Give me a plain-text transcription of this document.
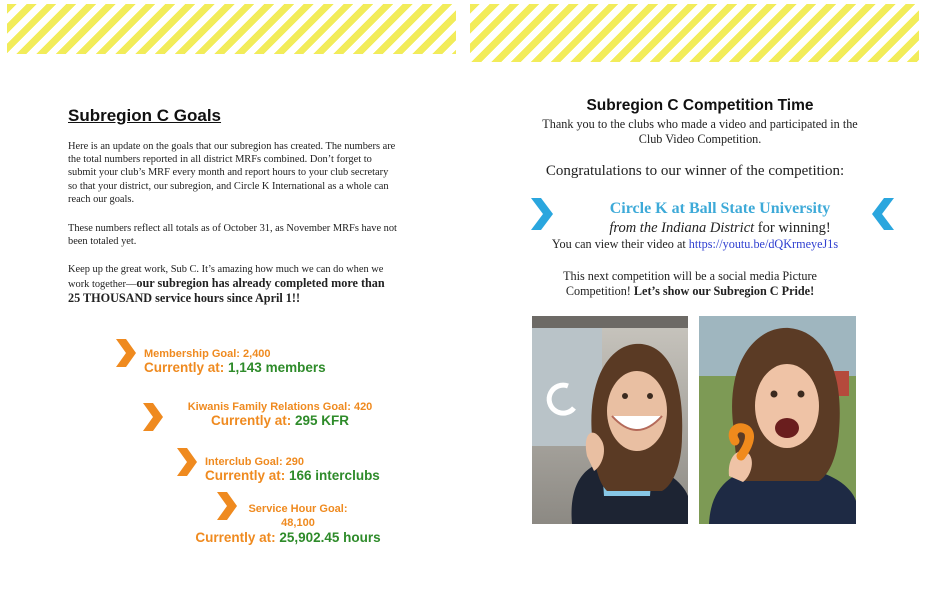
Subregion C Goals

Here is an update on the goals that our subregion has created. The numbers are the total numbers reported in all district MRFs combined. Don’t forget to submit your club’s MRF every month and report hours to your club secretary so that your district, our subregion, and Circle K International as a whole can reach our goals.

These numbers reflect all totals as of October 31, as November MRFs have not been totaled yet.

Keep up the great work, Sub C. It’s amazing how much we can do when we work together—our subregion has already completed more than 25 THOUSAND service hours since April 1!!

Membership Goal: 2,400
Currently at: 1,143 members
Kiwanis Family Relations Goal: 420
Currently at: 295 KFR
Interclub Goal: 290
Currently at: 166 interclubs
Service Hour Goal: 48,100
Currently at: 25,902.45 hours
Subregion C Competition Time
Thank you to the clubs who made a video and participated in the Club Video Competition.
Congratulations to our winner of the competition:
Circle K at Ball State University
from the Indiana District for winning!
You can view their video at https://youtu.be/dQKrmeyeJ1s
This next competition will be a social media Picture Competition! Let’s show our Subregion C Pride!
